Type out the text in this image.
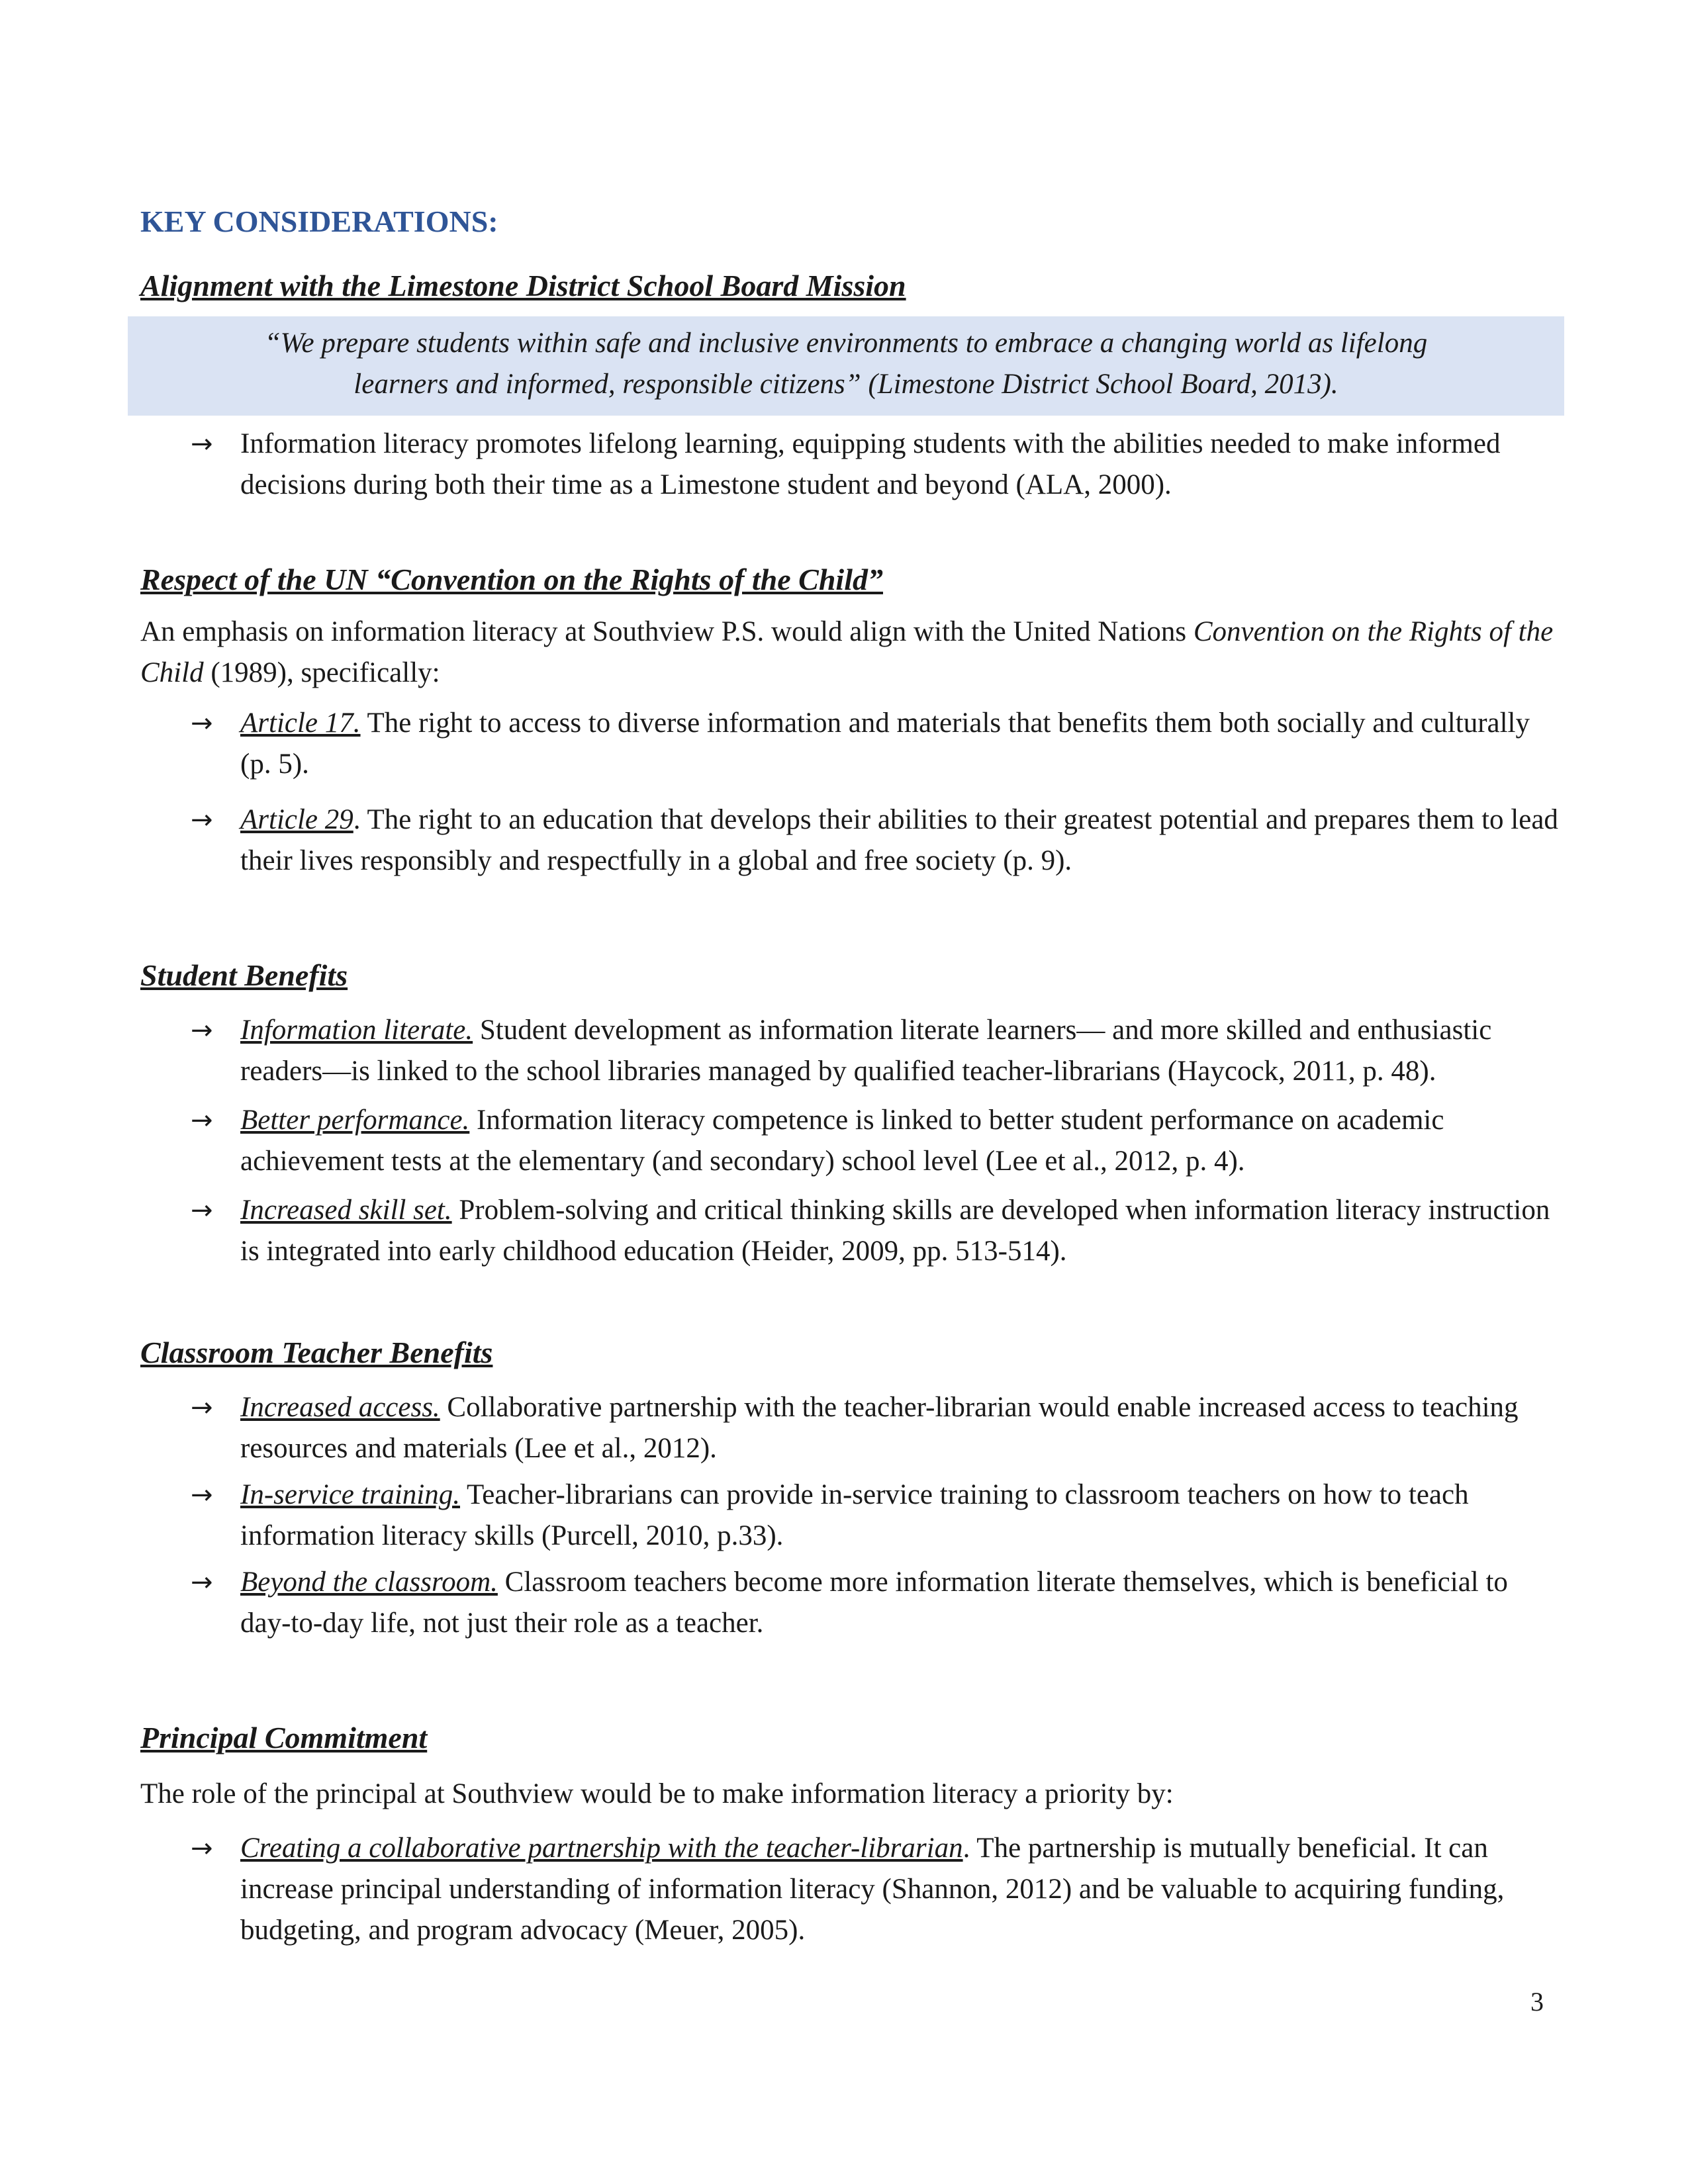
KEY CONSIDERATIONS:
Alignment with the Limestone District School Board Mission
“We prepare students within safe and inclusive environments to embrace a changing world as lifelong
learners and informed, responsible citizens” (Limestone District School Board, 2013).
→ Information literacy promotes lifelong learning, equipping students with the abilities needed to make informed decisions during both their time as a Limestone student and beyond (ALA, 2000).
Respect of the UN “Convention on the Rights of the Child”

An emphasis on information literacy at Southview P.S. would align with the United Nations Convention on the Rights of the Child (1989), specifically:

→ Article 17. The right to access to diverse information and materials that benefits them both socially and culturally (p. 5).
→ Article 29. The right to an education that develops their abilities to their greatest potential and prepares them to lead their lives responsibly and respectfully in a global and free society (p. 9).
Student Benefits
→ Information literate. Student development as information literate learners— and more skilled and enthusiastic readers—is linked to the school libraries managed by qualified teacher-librarians (Haycock, 2011, p. 48).
→ Better performance. Information literacy competence is linked to better student performance on academic achievement tests at the elementary (and secondary) school level (Lee et al., 2012, p. 4).
→ Increased skill set. Problem-solving and critical thinking skills are developed when information literacy instruction is integrated into early childhood education (Heider, 2009, pp. 513-514).
Classroom Teacher Benefits
→ Increased access. Collaborative partnership with the teacher-librarian would enable increased access to teaching resources and materials (Lee et al., 2012).
→ In-service training. Teacher-librarians can provide in-service training to classroom teachers on how to teach information literacy skills (Purcell, 2010, p.33).
→ Beyond the classroom. Classroom teachers become more information literate themselves, which is beneficial to day-to-day life, not just their role as a teacher.
Principal Commitment

The role of the principal at Southview would be to make information literacy a priority by:

→ Creating a collaborative partnership with the teacher-librarian. The partnership is mutually beneficial. It can increase principal understanding of information literacy (Shannon, 2012) and be valuable to acquiring funding, budgeting, and program advocacy (Meuer, 2005).
3
